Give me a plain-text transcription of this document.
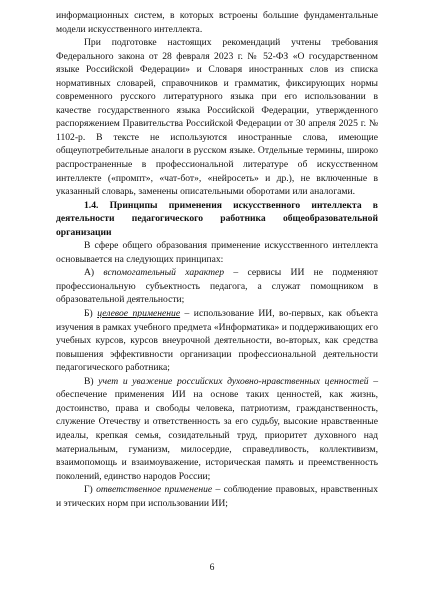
информационных систем, в которых встроены большие фундаментальные модели искусственного интеллекта.

При подготовке настоящих рекомендаций учтены требования Федерального закона от 28 февраля 2023 г. № 52-ФЗ «О государственном языке Российской Федерации» и Словаря иностранных слов из списка нормативных словарей, справочников и грамматик, фиксирующих нормы современного русского литературного языка при его использовании в качестве государственного языка Российской Федерации, утвержденного распоряжением Правительства Российской Федерации от 30 апреля 2025 г. № 1102-р. В тексте не используются иностранные слова, имеющие общеупотребительные аналоги в русском языке. Отдельные термины, широко распространенные в профессиональной литературе об искусственном интеллекте («промпт», «чат-бот», «нейросеть» и др.), не включенные в указанный словарь, заменены описательными оборотами или аналогами.

1.4. Принципы применения искусственного интеллекта в деятельности педагогического работника общеобразовательной организации

В сфере общего образования применение искусственного интеллекта основывается на следующих принципах:

А) вспомогательный характер – сервисы ИИ не подменяют профессиональную субъектность педагога, а служат помощником в образовательной деятельности;

Б) целевое применение – использование ИИ, во-первых, как объекта изучения в рамках учебного предмета «Информатика» и поддерживающих его учебных курсов, курсов внеурочной деятельности, во-вторых, как средства повышения эффективности организации профессиональной деятельности педагогического работника;

В) учет и уважение российских духовно-нравственных ценностей – обеспечение применения ИИ на основе таких ценностей, как жизнь, достоинство, права и свободы человека, патриотизм, гражданственность, служение Отечеству и ответственность за его судьбу, высокие нравственные идеалы, крепкая семья, созидательный труд, приоритет духовного над материальным, гуманизм, милосердие, справедливость, коллективизм, взаимопомощь и взаимоуважение, историческая память и преемственность поколений, единство народов России;

Г) ответственное применение – соблюдение правовых, нравственных и этических норм при использовании ИИ;

6
